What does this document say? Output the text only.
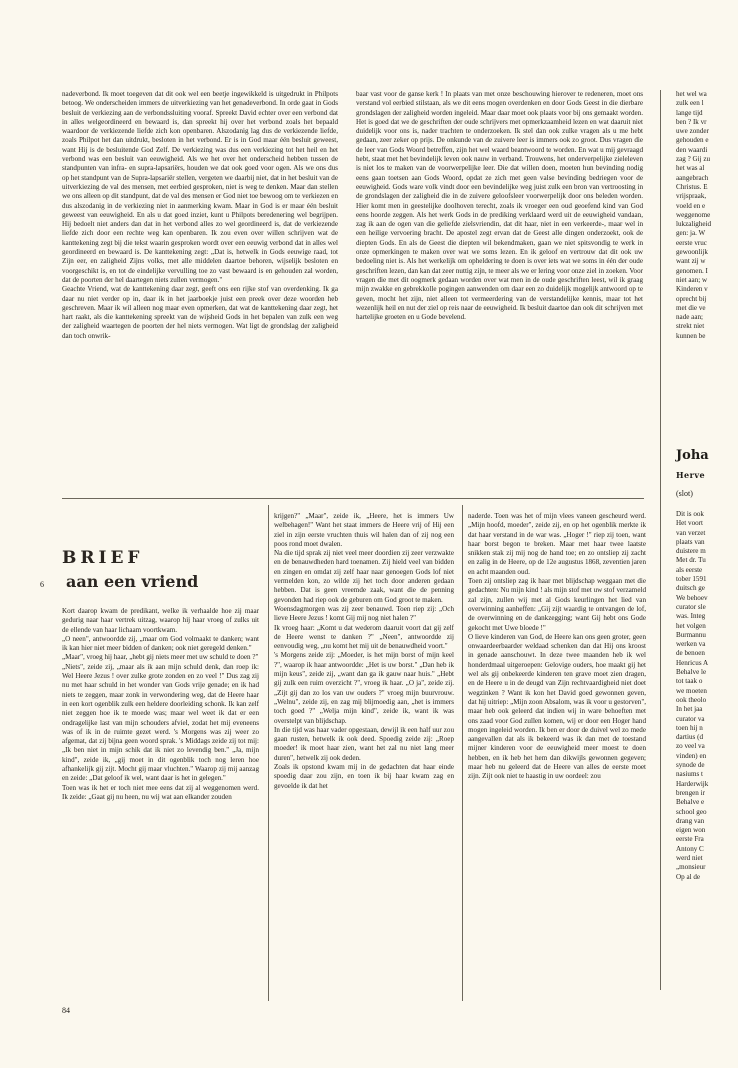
nadeverbond. Ik moet toegeven dat dit ook wel een beetje ingewikkeld is uitgedrukt in Philpots betoog. We onderscheiden immers de uitverkiezing van het genadeverbond. In orde gaat in Gods besluit de verkiezing aan de verbondssluiting vooraf. Spreekt David echter over een verbond dat in alles welgeordineerd en bewaard is, dan spreekt hij over het verbond zoals het bepaald waardoor de verkiezende liefde zich kon openbaren. Alszodanig lag dus de verkiezende liefde, zoals Philpot het dan uitdrukt, besloten in het verbond. Er is in God maar één besluit geweest, want Hij is de besluitende God Zelf. De verkiezing was dus een verkiezing tot het heil en het verbond was een besluit van eeuwigheid. Als we het over het onderscheid hebben tussen de standpunten van infra- en supra-lapsariërs, houden we dat ook goed voor ogen. Als we ons dus op het standpunt van de Supra-lapsariër stellen, vergeten we daarbij niet, dat in het besluit van de uitverkiezing de val des mensen, met eerbied gesproken, niet is weg te denken. Maar dan stellen we ons alleen op dit standpunt, dat de val des mensen er God niet toe bewoog om te verkiezen en dus alszodanig in de verkiezing niet in aanmerking kwam. Maar in God is er maar één besluit geweest van eeuwigheid. En als u dat goed inziet, kunt u Philpots beredenering wel begrijpen. Hij bedoelt niet anders dan dat in het verbond alles zo wel geordineerd is, dat de verkiezende liefde zich door een rechte weg kan openbaren. Ik zou even over willen schrijven wat de kanttekening zegt bij die tekst waarin gesproken wordt over een eeuwig verbond dat in alles wel geordineerd en bewaard is. De kanttekening zegt: „Dat is, hetwelk in Gods eeuwige raad, tot Zijn eer, en zaligheid Zijns volks, met alle middelen daartoe behoren, wijselijk besloten en voorgeschikt is, en tot de eindelijke vervulling toe zo vast bewaard is en gehouden zal worden, dat de poorten der hel daartegen niets zullen vermogen."

Geachte Vriend, wat de kanttekening daar zegt, geeft ons een rijke stof van overdenking. Ik ga daar nu niet verder op in, daar ik in het jaarboekje juist een preek over deze woorden heb geschreven. Maar ik wil alleen nog maar even opmerken, dat wat de kanttekening daar zegt, het hart raakt, als die kanttekening spreekt van de wijsheid Gods in het bepalen van zulk een weg der zaligheid waartegen de poorten der hel niets vermogen. Wat ligt de grondslag der zaligheid dan toch onwrik-

baar vast voor de ganse kerk ! In plaats van met onze beschouwing hierover te redeneren, moet ons verstand vol eerbied stilstaan, als we dit eens mogen overdenken en door Gods Geest in die dierbare grondslagen der zaligheid worden ingeleid. Maar daar moet ook plaats voor bij ons gemaakt worden. Het is goed dat we de geschriften der oude schrijvers met opmerkzaamheid lezen en wat daaruit niet duidelijk voor ons is, nader trachten te onderzoeken. Ik stel dan ook zulke vragen als u me hebt gedaan, zeer zeker op prijs. De onkunde van de zuivere leer is immers ook zo groot. Dus vragen die de leer van Gods Woord betreffen, zijn het wel waard beantwoord te worden. En wat u mij gevraagd hebt, staat met het bevindelijk leven ook nauw in verband. Trouwens, het onderverpelijke zieleleven is niet los te maken van de voorwerpelijke leer. Die dat willen doen, moeten hun bevinding nodig eens gaan toetsen aan Gods Woord, opdat ze zich met geen valse bevinding bedriegen voor de eeuwigheid. Gods ware volk vindt door een bevindelijke weg juist zulk een bron van vertroosting in de grondslagen der zaligheid die in de zuivere geloofsleer voorwerpelijk door ons beleden worden. Hier komt men in geestelijke doolhoven terecht, zoals ik vroeger een oud geoefend kind van God eens hoorde zeggen. Als het werk Gods in de prediking verklaard werd uit de eeuwigheid vandaan, zag ik aan de ogen van die geliefde zielsvriendin, dat dit haar, niet in een verkeerde-, maar wel in een heilige vervoering bracht. De apostel zegt ervan dat de Geest alle dingen onderzoekt, ook de diepten Gods. En als de Geest die diepten wil bekendmaken, gaan we niet spitsvondig te werk in onze opmerkingen te maken over wat we soms lezen. En ik geloof en vertrouw dat dit ook uw bedoeling niet is. Als het werkelijk om opheldering te doen is over iets wat we soms in één der oude geschriften lezen, dan kan dat zeer nuttig zijn, te meer als we er lering voor onze ziel in zoeken. Voor vragen die met dit oogmerk gedaan worden over wat men in de oude geschriften leest, wil ik graag mijn zwakke en gebrekkolle pogingen aanwenden om daar een zo duidelijk mogelijk antwoord op te geven, mocht het zijn, niet alleen tot vermeerdering van de verstandelijke kennis, maar tot het wezenlijk heil en nut der ziel op reis naar de eeuwigheid. Ik besluit daartoe dan ook dit schrijven met hartelijke groeten en u Gode bevelend.

BRIEF
6	aan een vriend

Kort daarop kwam de predikant, welke ik verhaalde hoe zij maar gedurig naar haar vertrek uitzag, waarop hij haar vroeg of zulks uit de ellende van haar lichaam voortkwam.

„O neen", antwoordde zij, „maar om God volmaakt te danken; want ik kan hier niet meer bidden of danken; ook niet geregeld denken."

„Maar", vroeg hij haar, „hebt gij niets meer met uw schuld te doen ?"

„Niets", zeide zij, „maar als ik aan mijn schuld denk, dan roep ik: Wel Heere Jezus ! over zulke grote zonden en zo veel !" Dus zag zij nu met haar schuld in het wonder van Gods vrije genade; en ik had niets te zeggen, maar zonk in verwondering weg, dat de Heere haar in een kort ogenblik zulk een heldere doorleiding schonk. Ik kan zelf niet zeggen hoe ik te moede was; maar wel weet ik dat er een ondragelijke last van mijn schouders afviel, zodat het mij eveneens was of ik in de ruimte gezet werd. 's Morgens was zij weer zo afgemat, dat zij bijna geen woord sprak. 's Middags zeide zij tot mij: „Ik ben niet in mijn schik dat ik niet zo levendig ben." „Ja, mijn kind", zeide ik, „gij moet in dit ogenblik toch nog leren hoe afhankelijk gij zijt. Mocht gij maar vluchten." Waarop zij mij aanzag en zeide: „Dat geloof ik wel, want daar is het in gelegen."

Toen was ik het er toch niet mee eens dat zij al weggenomen werd. Ik zeide: „Gaat gij nu heen, nu wij wat aan elkander zouden

krijgen?" „Maar", zeide ik, „Heere, het is immers Uw welbehagen!" Want het staat immers de Heere vrij of Hij een ziel in zijn eerste vruchten thuis wil halen dan of zij nog een poos rond moet dwalen.

Na die tijd sprak zij niet veel meer doordien zij zeer verzwakte en de benauwdheden hard toenamen. Zij hield veel van bidden en zingen en omdat zij zelf haar naar genoegen Gods lof niet vermelden kon, zo wilde zij het toch door anderen gedaan hebben. Dat is geen vreemde zaak, want die de penning gevonden had riep ook de geburen om God groot te maken.

Woensdagmorgen was zij zeer benauwd. Toen riep zij: „Och lieve Heere Jezus ! komt Gij mij nog niet halen ?"

Ik vroeg haar: „Komt u dat wederom daaruit voort dat gij zelf de Heere wenst te danken ?" „Neen", antwoordde zij eenvoudig weg, „nu komt het mij uit de benauwdheid voort."

's Morgens zeide zij: „Moeder, is het mijn borst of mijn keel ?", waarop ik haar antwoordde: „Het is uw borst." „Dan heb ik mijn keus", zeide zij, „want dan ga ik gauw naar huis." „Hebt gij zulk een ruim overzicht ?", vroeg ik haar. „O ja", zeide zij. „Zijt gij dan zo los van uw ouders ?" vroeg mijn buurvrouw. „Welnu", zeide zij, en zag mij blijmoedig aan, „het is immers toch goed ?" „Welja mijn kind", zeide ik, want ik was overstelpt van blijdschap.

In die tijd was haar vader opgestaan, dewijl ik een half uur zou gaan rusten, hetwelk ik ook deed. Spoedig zeide zij: „Roep moeder! ik moet haar zien, want het zal nu niet lang meer duren", hetwelk zij ook deden.

Zoals ik opstond kwam mij in de gedachten dat haar einde spoedig daar zou zijn, en toen ik bij haar kwam zag en gevoelde ik dat het

naderde. Toen was het of mijn vlees vaneen gescheurd werd. „Mijn hoofd, moeder", zeide zij, en op het ogenblik merkte ik dat haar verstand in de war was. „Hoger !" riep zij toen, want haar borst begon te breken. Maar met haar twee laatste snikken stak zij mij nog de hand toe; en zo ontsliep zij zacht en zalig in de Heere, op de 12e augustus 1868, zeventien jaren en acht maanden oud.

Toen zij ontsliep zag ik haar met blijdschap weggaan met die gedachten: Nu mijn kind ! als mijn stof met uw stof verzameld zal zijn, zullen wij met al Gods keurlingen het lied van overwinning aanheffen: „Gij zijt waardig te ontvangen de lof, de overwinning en de dankzegging; want Gij hebt ons Gode gekocht met Uwe bloede !"

O lieve kinderen van God, de Heere kan ons geen groter, geen onwaardeerbaarder weldaad schenken dan dat Hij ons kroost in genade aanschouwt. In deze twee maanden heb ik wel honderdmaal uitgeroepen: Gelovige ouders, hoe maakt gij het wel als gij onbekeerde kinderen ten grave moet zien dragen, en de Heere u in de deugd van Zijn rechtvaardigheid niet doet wegzinken ? Want ik kon het David goed gewonnen geven, dat hij uitriep: „Mijn zoon Absalom, was ik voor u gestorven", maar heb ook geleerd dat indien wij in ware behoeften met ons zaad voor God zullen komen, wij er door een Hoger hand mogen ingeleid worden. Ik ben er door de duivel wel zo mede aangevallen dat als ik bekeerd was ik dan met de toestand mijner kinderen voor de eeuwigheid meer moest te doen hebben, en ik heb het hem dan dikwijls gewonnen gegeven; maar heb nu geleerd dat de Heere van alles de eerste moet zijn. Zijt ook niet te haastig in uw oordeel: zou

84
het wel wa
zulk een l
lange tijd
ben ? Ik vr
uwe zonder
gehouden e
den waardi
zag ? Gij zu
het was al
aangebrach
Christus. E
vrijspraak,
voeld en e
weggenome
lukzaligheid
gen: ja. W
eerste vruc
gewoonlijk
want zij w
genomen. I
niet aan; w
Kinderen v
oprecht bij
met die ve
nade aan;
strekt niet
kunnen be
Joha
Herve
(slot)
Dit is ook
Het voort
van verzet
plaats van
duistere m
Met dr. Tu
als eerste
tober 1591
duitsch ge
We behoev
curator sle
was. Integ
het volgen
Burmannu
werken va
de benoen
Henricus A
Behalve le
tot taak o
we moeten
ook theolo
In het jaa
curator va
toen hij n
dartius (d
zo veel va
vinden) en
synode de
nasiums t
Harderwijk
brengen ir
Behalve e
school geo
drang van
eigen won
eerste Fra
Antony C
werd niet
„monsieur
Op al de
